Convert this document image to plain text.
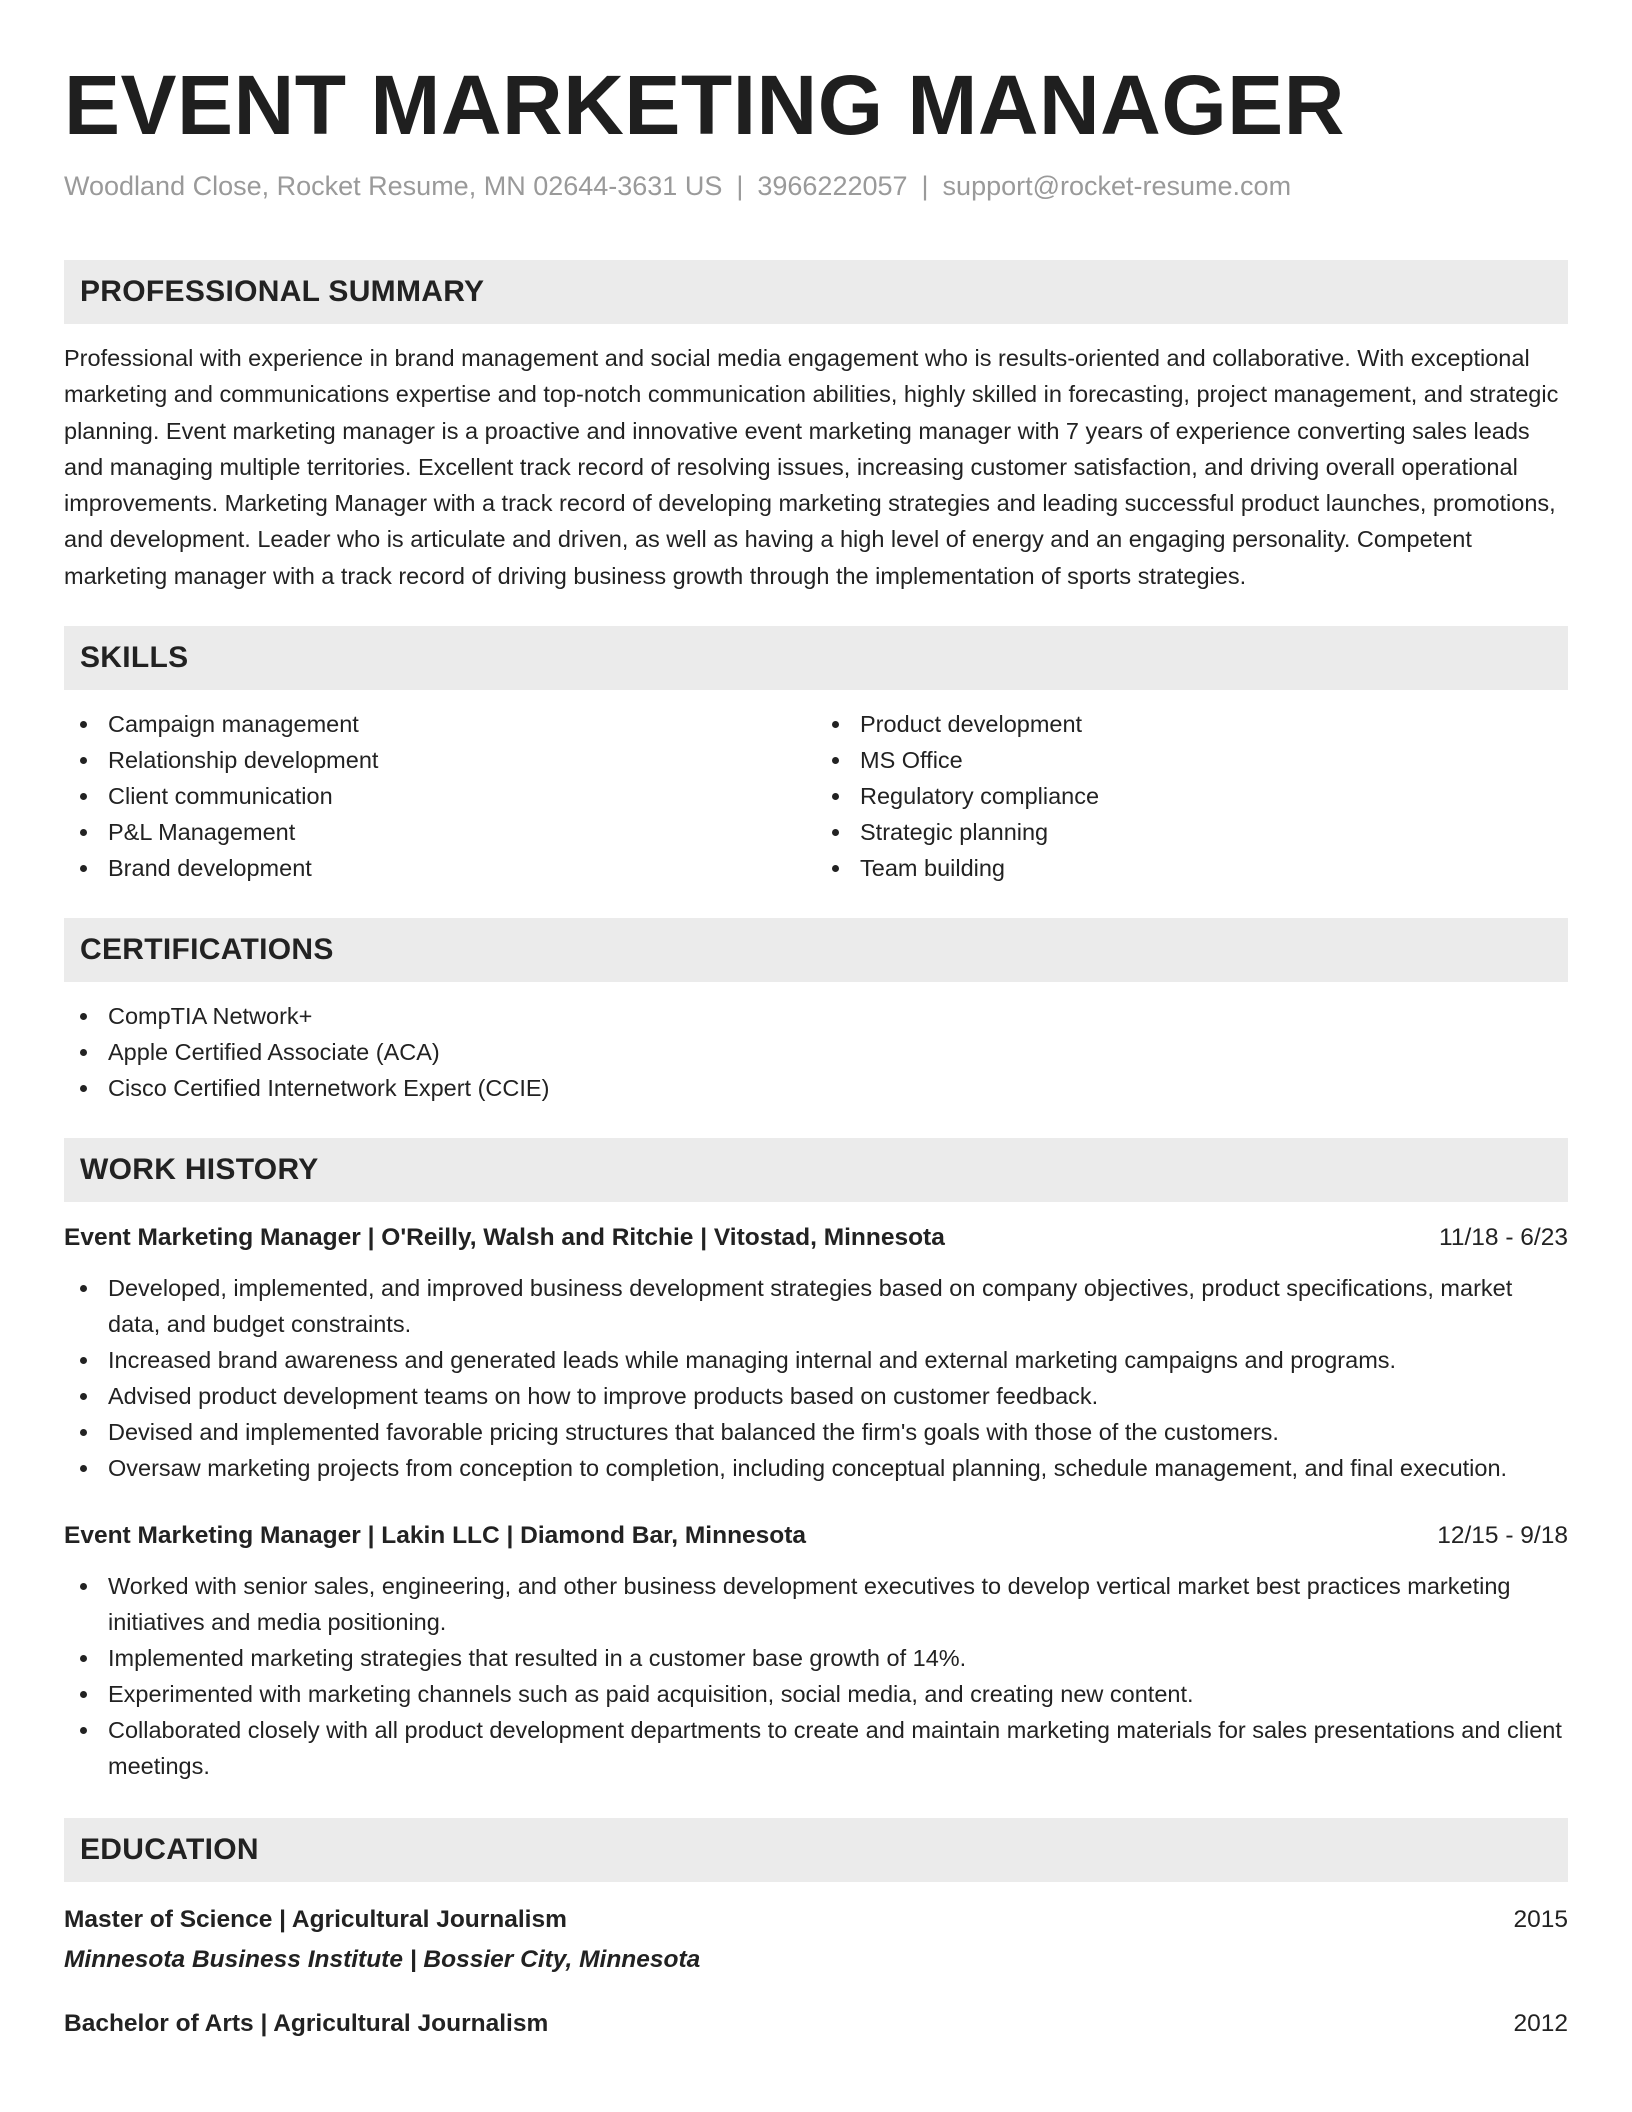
EVENT MARKETING MANAGER
Woodland Close, Rocket Resume, MN 02644-3631 US | 3966222057 | support@rocket-resume.com
PROFESSIONAL SUMMARY

Professional with experience in brand management and social media engagement who is results-oriented and collaborative. With exceptional marketing and communications expertise and top-notch communication abilities, highly skilled in forecasting, project management, and strategic planning. Event marketing manager is a proactive and innovative event marketing manager with 7 years of experience converting sales leads and managing multiple territories. Excellent track record of resolving issues, increasing customer satisfaction, and driving overall operational improvements. Marketing Manager with a track record of developing marketing strategies and leading successful product launches, promotions, and development. Leader who is articulate and driven, as well as having a high level of energy and an engaging personality. Competent marketing manager with a track record of driving business growth through the implementation of sports strategies.

SKILLS
Campaign management
Relationship development
Client communication
P&L Management
Brand development
Product development
MS Office
Regulatory compliance
Strategic planning
Team building
CERTIFICATIONS
CompTIA Network+
Apple Certified Associate (ACA)
Cisco Certified Internetwork Expert (CCIE)
WORK HISTORY
Event Marketing Manager | O'Reilly, Walsh and Ritchie | Vitostad, Minnesota	11/18 - 6/23
Developed, implemented, and improved business development strategies based on company objectives, product specifications, market data, and budget constraints.
Increased brand awareness and generated leads while managing internal and external marketing campaigns and programs.
Advised product development teams on how to improve products based on customer feedback.
Devised and implemented favorable pricing structures that balanced the firm's goals with those of the customers.
Oversaw marketing projects from conception to completion, including conceptual planning, schedule management, and final execution.
Event Marketing Manager | Lakin LLC | Diamond Bar, Minnesota	12/15 - 9/18
Worked with senior sales, engineering, and other business development executives to develop vertical market best practices marketing initiatives and media positioning.
Implemented marketing strategies that resulted in a customer base growth of 14%.
Experimented with marketing channels such as paid acquisition, social media, and creating new content.
Collaborated closely with all product development departments to create and maintain marketing materials for sales presentations and client meetings.
EDUCATION
Master of Science | Agricultural Journalism	2015
Minnesota Business Institute | Bossier City, Minnesota
Bachelor of Arts | Agricultural Journalism	2012
